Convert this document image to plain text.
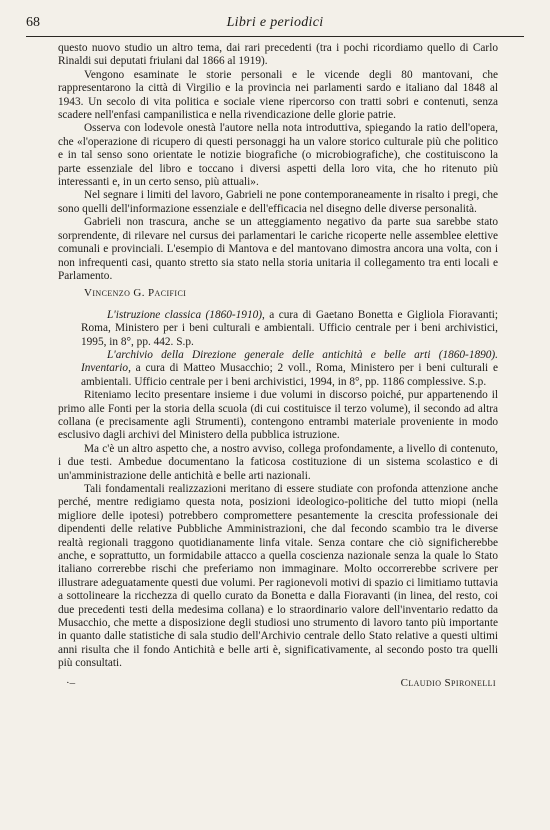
68	Libri e periodici

questo nuovo studio un altro tema, dai rari precedenti (tra i pochi ricordiamo quello di Carlo Rinaldi sui deputati friulani dal 1866 al 1919).

Vengono esaminate le storie personali e le vicende degli 80 mantovani, che rappresentarono la città di Virgilio e la provincia nei parlamenti sardo e italiano dal 1848 al 1943. Un secolo di vita politica e sociale viene ripercorso con tratti sobri e contenuti, senza scadere nell'enfasi campanilistica e nella rivendicazione delle glorie patrie.

Osserva con lodevole onestà l'autore nella nota introduttiva, spiegando la ratio dell'opera, che «l'operazione di ricupero di questi personaggi ha un valore storico culturale più che politico e in tal senso sono orientate le notizie biografiche (o microbiografiche), che costituiscono la parte essenziale del libro e toccano i diversi aspetti della loro vita, che ho ritenuto più interessanti e, in un certo senso, più attuali».

Nel segnare i limiti del lavoro, Gabrieli ne pone contemporaneamente in risalto i pregi, che sono quelli dell'informazione essenziale e dell'efficacia nel disegno delle diverse personalità.

Gabrieli non trascura, anche se un atteggiamento negativo da parte sua sarebbe stato sorprendente, di rilevare nel cursus dei parlamentari le cariche ricoperte nelle assemblee elettive comunali e provinciali. L'esempio di Mantova e del mantovano dimostra ancora una volta, con i non infrequenti casi, quanto stretto sia stato nella storia unitaria il collegamento tra enti locali e Parlamento.

Vincenzo G. Pacifici

L'istruzione classica (1860-1910), a cura di Gaetano Bonetta e Gigliola Fioravanti; Roma, Ministero per i beni culturali e ambientali. Ufficio centrale per i beni archivistici, 1995, in 8°, pp. 442. S.p.

L'archivio della Direzione generale delle antichità e belle arti (1860-1890). Inventario, a cura di Matteo Musacchio; 2 voll., Roma, Ministero per i beni culturali e ambientali. Ufficio centrale per i beni archivistici, 1994, in 8°, pp. 1186 complessive. S.p.

Riteniamo lecito presentare insieme i due volumi in discorso poiché, pur appartenendo il primo alle Fonti per la storia della scuola (di cui costituisce il terzo volume), il secondo ad altra collana (e precisamente agli Strumenti), contengono entrambi materiale proveniente in modo esclusivo dagli archivi del Ministero della pubblica istruzione.

Ma c'è un altro aspetto che, a nostro avviso, collega profondamente, a livello di contenuto, i due testi. Ambedue documentano la faticosa costituzione di un sistema scolastico e di un'amministrazione delle antichità e belle arti nazionali.

Tali fondamentali realizzazioni meritano di essere studiate con profonda attenzione anche perché, mentre redigiamo questa nota, posizioni ideologico-politiche del tutto miopi (nella migliore delle ipotesi) potrebbero compromettere pesantemente la crescita professionale dei dipendenti delle relative Pubbliche Amministrazioni, che dal fecondo scambio tra le diverse realtà regionali traggono quotidianamente linfa vitale. Senza contare che ciò significherebbe anche, e soprattutto, un formidabile attacco a quella coscienza nazionale senza la quale lo Stato italiano correrebbe rischi che preferiamo non immaginare. Molto occorrerebbe scrivere per illustrare adeguatamente questi due volumi. Per ragionevoli motivi di spazio ci limitiamo tuttavia a sottolineare la ricchezza di quello curato da Bonetta e dalla Fioravanti (in linea, del resto, coi due precedenti testi della medesima collana) e lo straordinario valore dell'inventario redatto da Musacchio, che mette a disposizione degli studiosi uno strumento di lavoro tanto più importante in quanto dalle statistiche di sala studio dell'Archivio centrale dello Stato relative a questi ultimi anni risulta che il fondo Antichità e belle arti è, significativamente, al secondo posto tra quelli più consultati.

·–	Claudio Spironelli
